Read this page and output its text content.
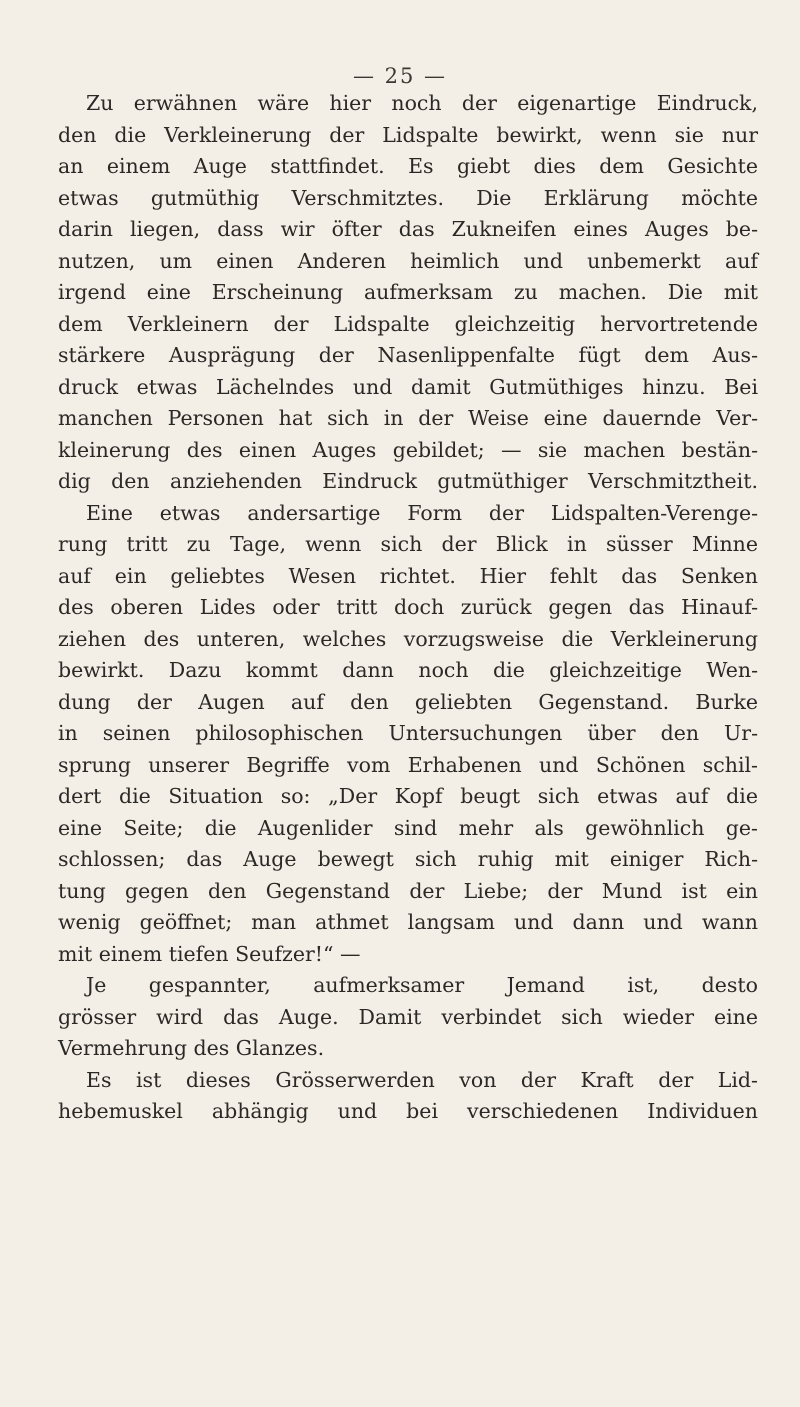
— 25 —
Zu erwähnen wäre hier noch der eigenartige Eindruck,
den die Verkleinerung der Lidspalte bewirkt, wenn sie nur
an einem Auge stattfindet. Es giebt dies dem Gesichte
etwas gutmüthig Verschmitztes. Die Erklärung möchte
darin liegen, dass wir öfter das Zukneifen eines Auges be-
nutzen, um einen Anderen heimlich und unbemerkt auf
irgend eine Erscheinung aufmerksam zu machen. Die mit
dem Verkleinern der Lidspalte gleichzeitig hervortretende
stärkere Ausprägung der Nasenlippenfalte fügt dem Aus-
druck etwas Lächelndes und damit Gutmüthiges hinzu. Bei
manchen Personen hat sich in der Weise eine dauernde Ver-
kleinerung des einen Auges gebildet; — sie machen bestän-
dig den anziehenden Eindruck gutmüthiger Verschmitztheit.
Eine etwas andersartige Form der Lidspalten-Verenge-
rung tritt zu Tage, wenn sich der Blick in süsser Minne
auf ein geliebtes Wesen richtet. Hier fehlt das Senken
des oberen Lides oder tritt doch zurück gegen das Hinauf-
ziehen des unteren, welches vorzugsweise die Verkleinerung
bewirkt. Dazu kommt dann noch die gleichzeitige Wen-
dung der Augen auf den geliebten Gegenstand. Burke
in seinen philosophischen Untersuchungen über den Ur-
sprung unserer Begriffe vom Erhabenen und Schönen schil-
dert die Situation so: „Der Kopf beugt sich etwas auf die
eine Seite; die Augenlider sind mehr als gewöhnlich ge-
schlossen; das Auge bewegt sich ruhig mit einiger Rich-
tung gegen den Gegenstand der Liebe; der Mund ist ein
wenig geöffnet; man athmet langsam und dann und wann
mit einem tiefen Seufzer!“ —
Je gespannter, aufmerksamer Jemand ist, desto
grösser wird das Auge. Damit verbindet sich wieder eine
Vermehrung des Glanzes.
Es ist dieses Grösserwerden von der Kraft der Lid-
hebemuskel abhängig und bei verschiedenen Individuen
